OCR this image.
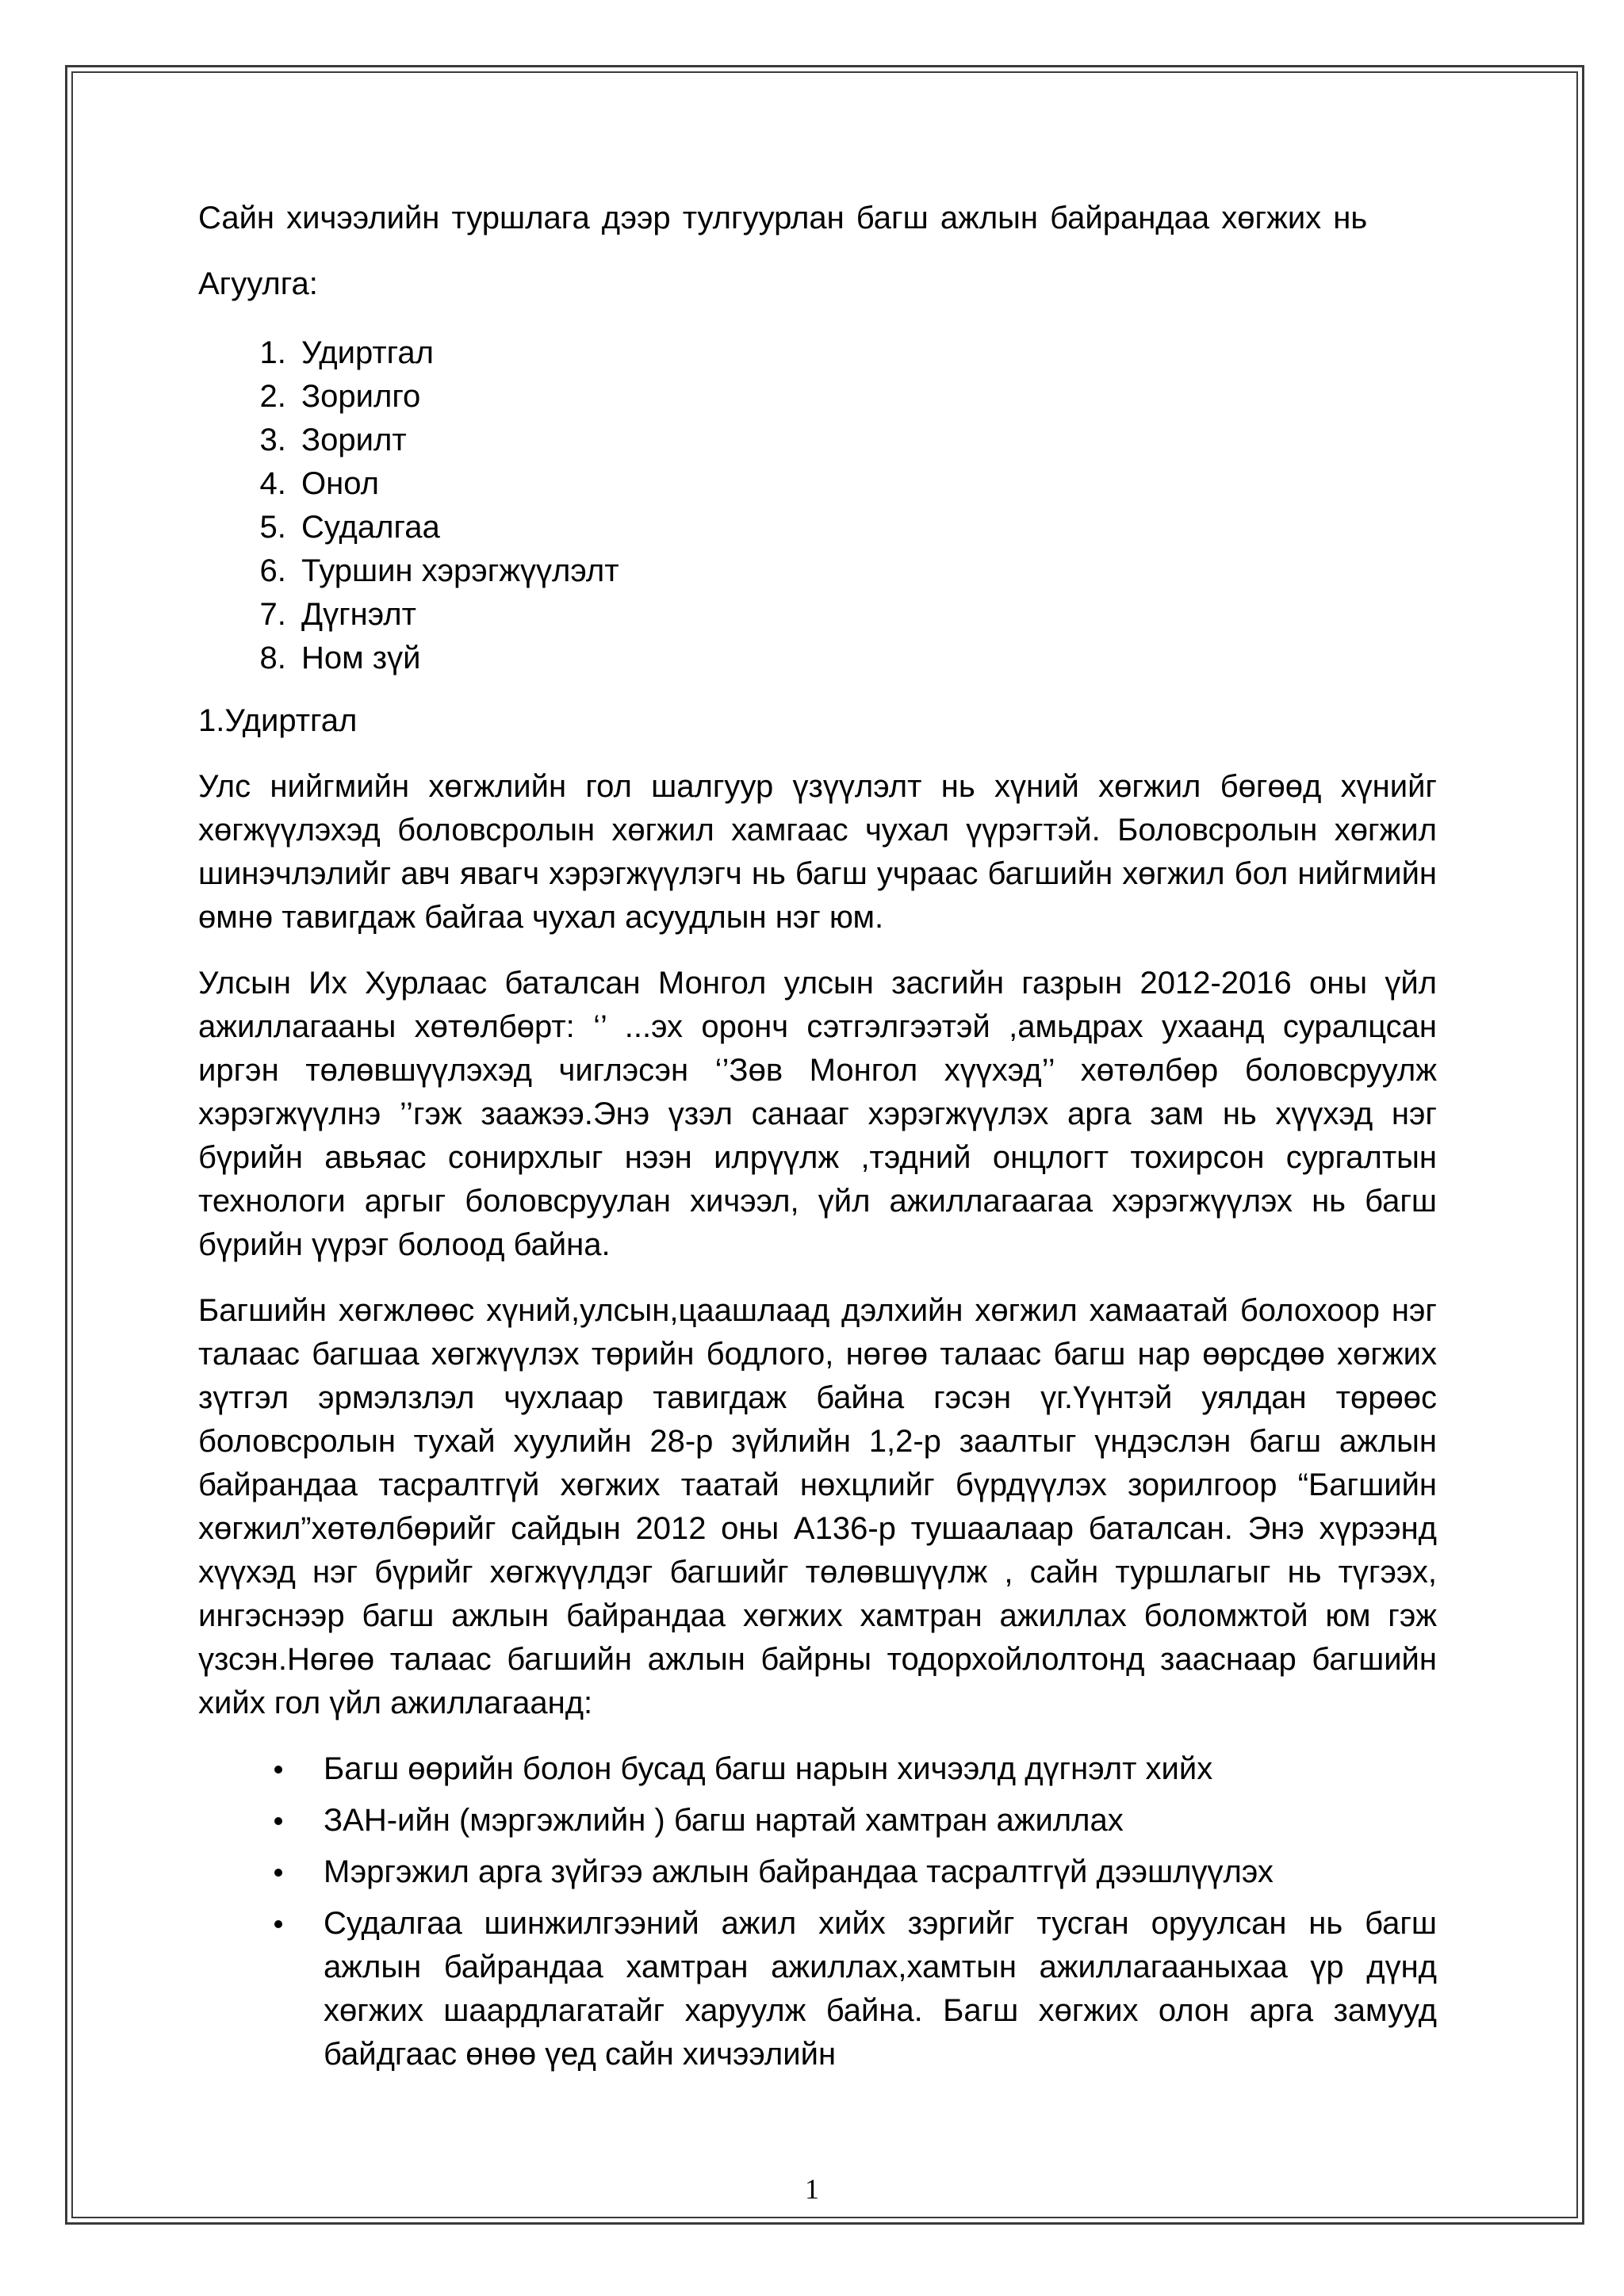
Сайн хичээлийн туршлага дээр тулгуурлан багш ажлын байрандаа хөгжих нь

Агуулга:

1. Удиртгал
2. Зорилго
3. Зорилт
4. Онол
5. Судалгаа
6. Туршин хэрэгжүүлэлт
7. Дүгнэлт
8. Ном зүй

1.Удиртгал

Улс нийгмийн хөгжлийн гол шалгуур үзүүлэлт нь хүний хөгжил бөгөөд хүнийг хөгжүүлэхэд боловсролын хөгжил хамгаас чухал үүрэгтэй. Боловсролын хөгжил шинэчлэлийг авч явагч хэрэгжүүлэгч нь багш учраас багшийн хөгжил бол нийгмийн өмнө тавигдаж байгаа чухал асуудлын нэг юм.

Улсын Их Хурлаас баталсан Монгол улсын засгийн газрын 2012-2016 оны үйл ажиллагааны хөтөлбөрт: ‘’ ...эх оронч сэтгэлгээтэй ,амьдрах ухаанд суралцсан иргэн төлөвшүүлэхэд чиглэсэн ‘’Зөв Монгол хүүхэд’’ хөтөлбөр боловсруулж хэрэгжүүлнэ ’’гэж заажээ.Энэ үзэл санааг хэрэгжүүлэх арга зам нь хүүхэд нэг бүрийн авьяас сонирхлыг нээн илрүүлж ,тэдний онцлогт тохирсон сургалтын технологи аргыг боловсруулан хичээл, үйл ажиллагаагаа хэрэгжүүлэх нь багш бүрийн үүрэг болоод байна.

Багшийн хөгжлөөс хүний,улсын,цаашлаад дэлхийн хөгжил хамаатай болохоор нэг талаас багшаа хөгжүүлэх төрийн бодлого, нөгөө талаас багш нар өөрсдөө хөгжих зүтгэл эрмэлзлэл чухлаар тавигдаж байна гэсэн үг.Үүнтэй уялдан төрөөс боловсролын тухай хуулийн 28-р зүйлийн 1,2-р заалтыг үндэслэн багш ажлын байрандаа тасралтгүй хөгжих таатай нөхцлийг бүрдүүлэх зорилгоор “Багшийн хөгжил”хөтөлбөрийг сайдын 2012 оны А136-р тушаалаар баталсан. Энэ хүрээнд хүүхэд нэг бүрийг хөгжүүлдэг багшийг төлөвшүүлж , сайн туршлагыг нь түгээх, ингэснээр багш ажлын байрандаа хөгжих хамтран ажиллах боломжтой юм гэж үзсэн.Нөгөө талаас багшийн ажлын байрны тодорхойлолтонд зааснаар багшийн хийх гол үйл ажиллагаанд:

Багш өөрийн болон бусад багш нарын хичээлд дүгнэлт хийх
ЗАН-ийн (мэргэжлийн ) багш нартай хамтран ажиллах
Мэргэжил арга зүйгээ ажлын байрандаа тасралтгүй дээшлүүлэх
Судалгаа шинжилгээний ажил хийх зэргийг тусган оруулсан нь багш ажлын байрандаа хамтран ажиллах,хамтын ажиллагааныхаа үр дүнд хөгжих шаардлагатайг харуулж байна. Багш хөгжих олон арга замууд байдгаас өнөө үед сайн хичээлийн
1
